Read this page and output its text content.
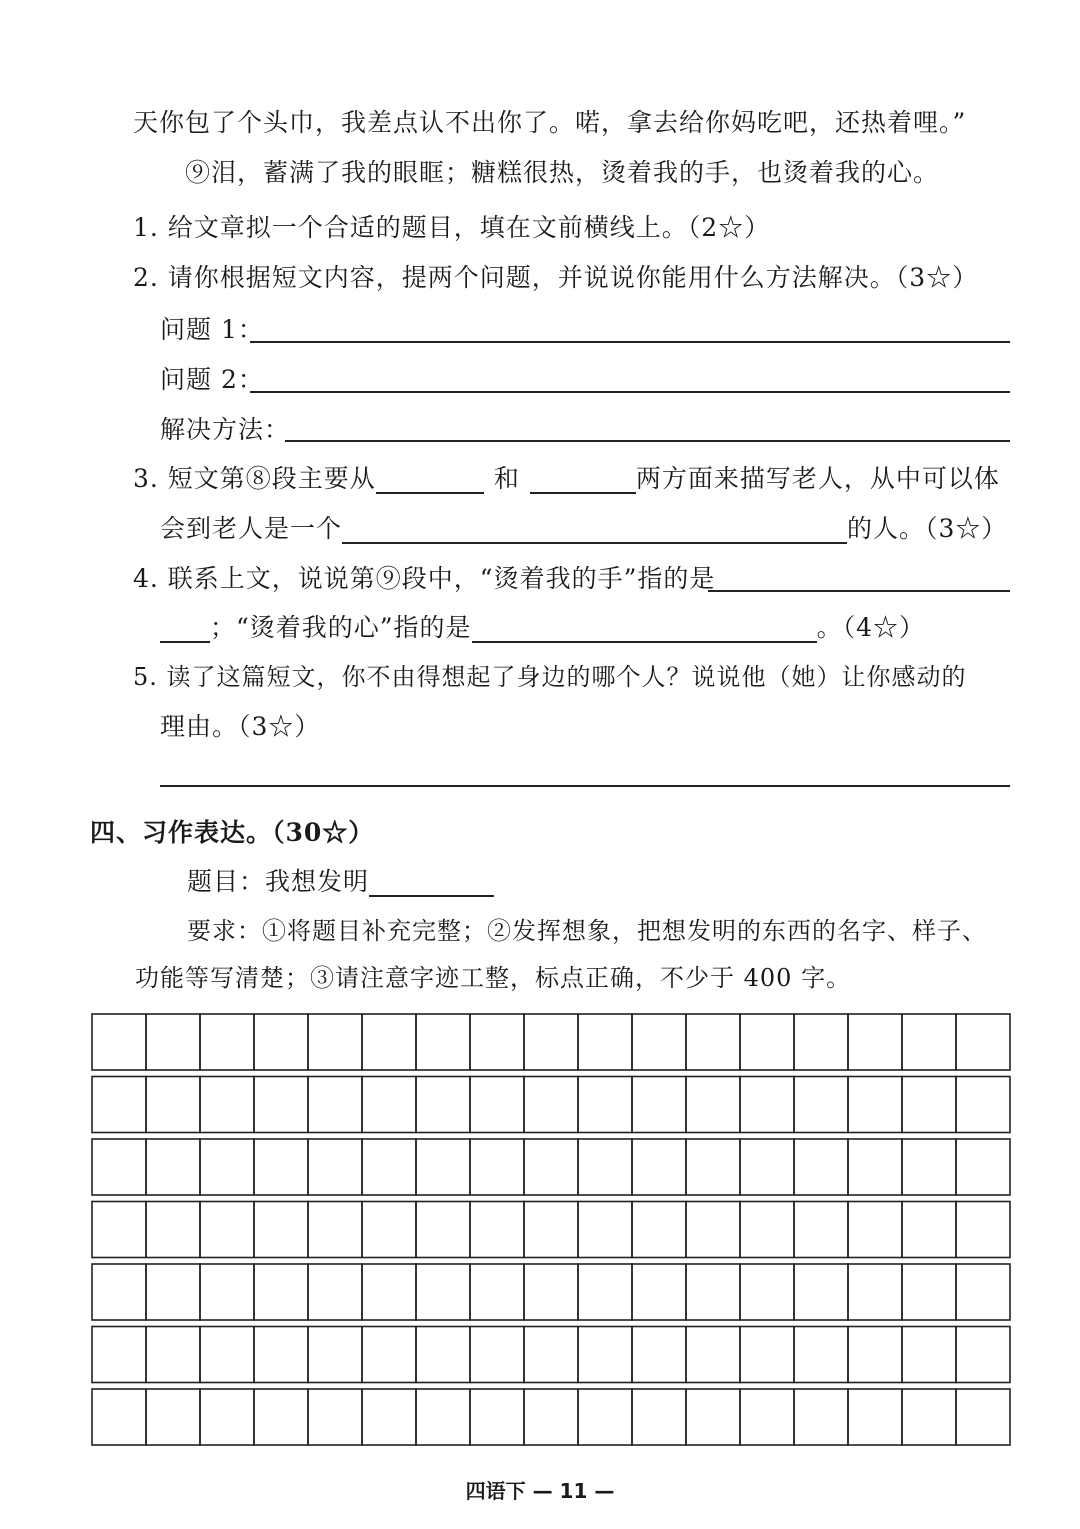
天你包了个头巾，我差点认不出你了。喏，拿去给你妈吃吧，还热着哩。”
⑨泪，蓄满了我的眼眶；糖糕很热，烫着我的手，也烫着我的心。
1. 给文章拟一个合适的题目，填在文前横线上。（2☆）
2. 请你根据短文内容，提两个问题，并说说你能用什么方法解决。（3☆）
问题 1：
问题 2：
解决方法：
3. 短文第⑧段主要从	和	两方面来描写老人，从中可以体
会到老人是一个	的人。（3☆）
4. 联系上文，说说第⑨段中，“烫着我的手”指的是
；“烫着我的心”指的是	。（4☆）
5. 读了这篇短文，你不由得想起了身边的哪个人？说说他（她）让你感动的
理由。（3☆）
四、习作表达。（30☆）
题目：我想发明
要求：①将题目补充完整；②发挥想象，把想发明的东西的名字、样子、
功能等写清楚；③请注意字迹工整，标点正确，不少于 400 字。
四语下 — 11 —
